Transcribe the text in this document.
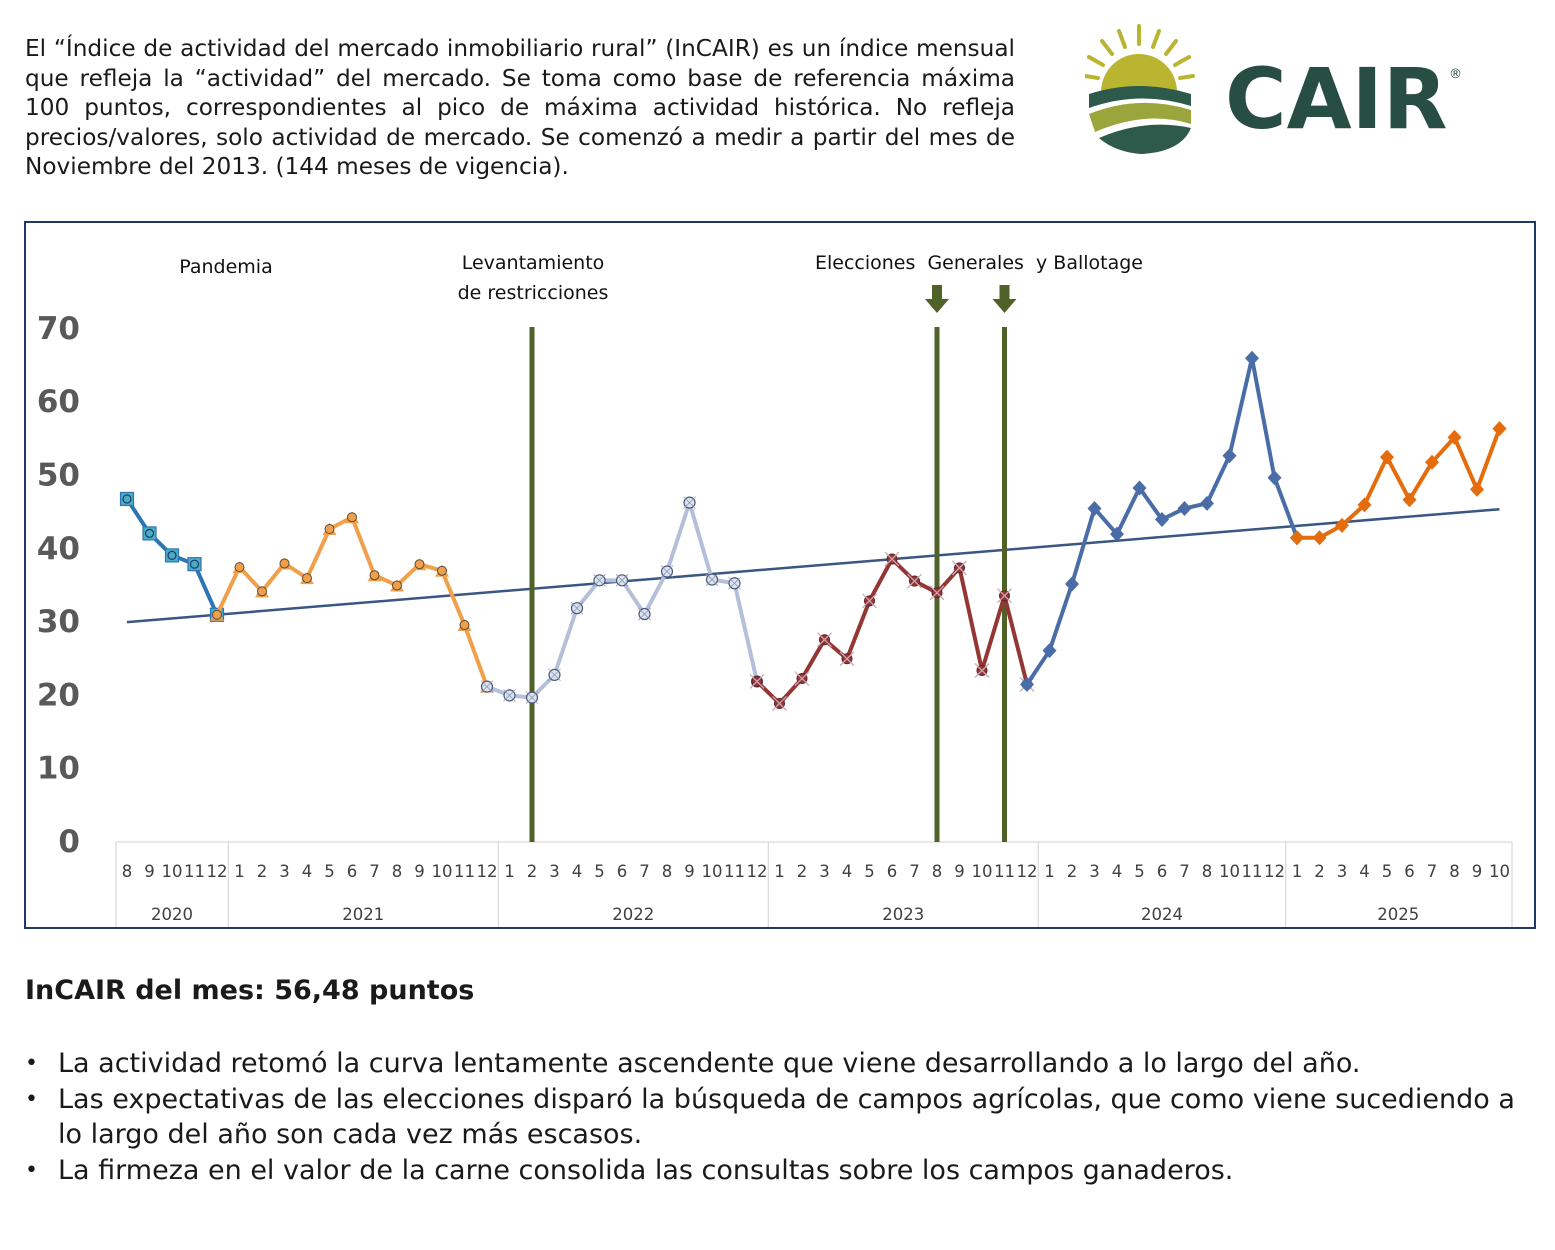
El “Índice de actividad del mercado inmobiliario rural” (InCAIR) es un índice mensual que refleja la “actividad” del mercado. Se toma como base de referencia máxima 100 puntos, correspondientes al pico de máxima actividad histórica. No refleja precios/valores, solo actividad de mercado. Se comenzó a medir a partir del mes de Noviembre del 2013. (144 meses de vigencia).

CAIR ®
8 9 10 11 12 1 2 3 4 5 6 7 8 9 10 11 12 1 2 3 4 5 6 7 8 9 10 11 12 1 2 3 4 5 6 7 8 9 10 11 12 1 2 3 4 5 6 7 8 10 11 12 1 2 3 4 5 6 7 8 9 10
2020	2021	2022	2023	2024	2025
0
10
20
30
40
50
60
70
Pandemia	Levantamiento
de restricciones
Elecciones  Generales  y Ballotage

InCAIR del mes: 56,48 puntos

• La actividad retomó la curva lentamente ascendente que viene desarrollando a lo largo del año.
• Las expectativas de las elecciones disparó la búsqueda de campos agrícolas, que como viene sucediendo a lo largo del año son cada vez más escasos.
• La firmeza en el valor de la carne consolida las consultas sobre los campos ganaderos.
